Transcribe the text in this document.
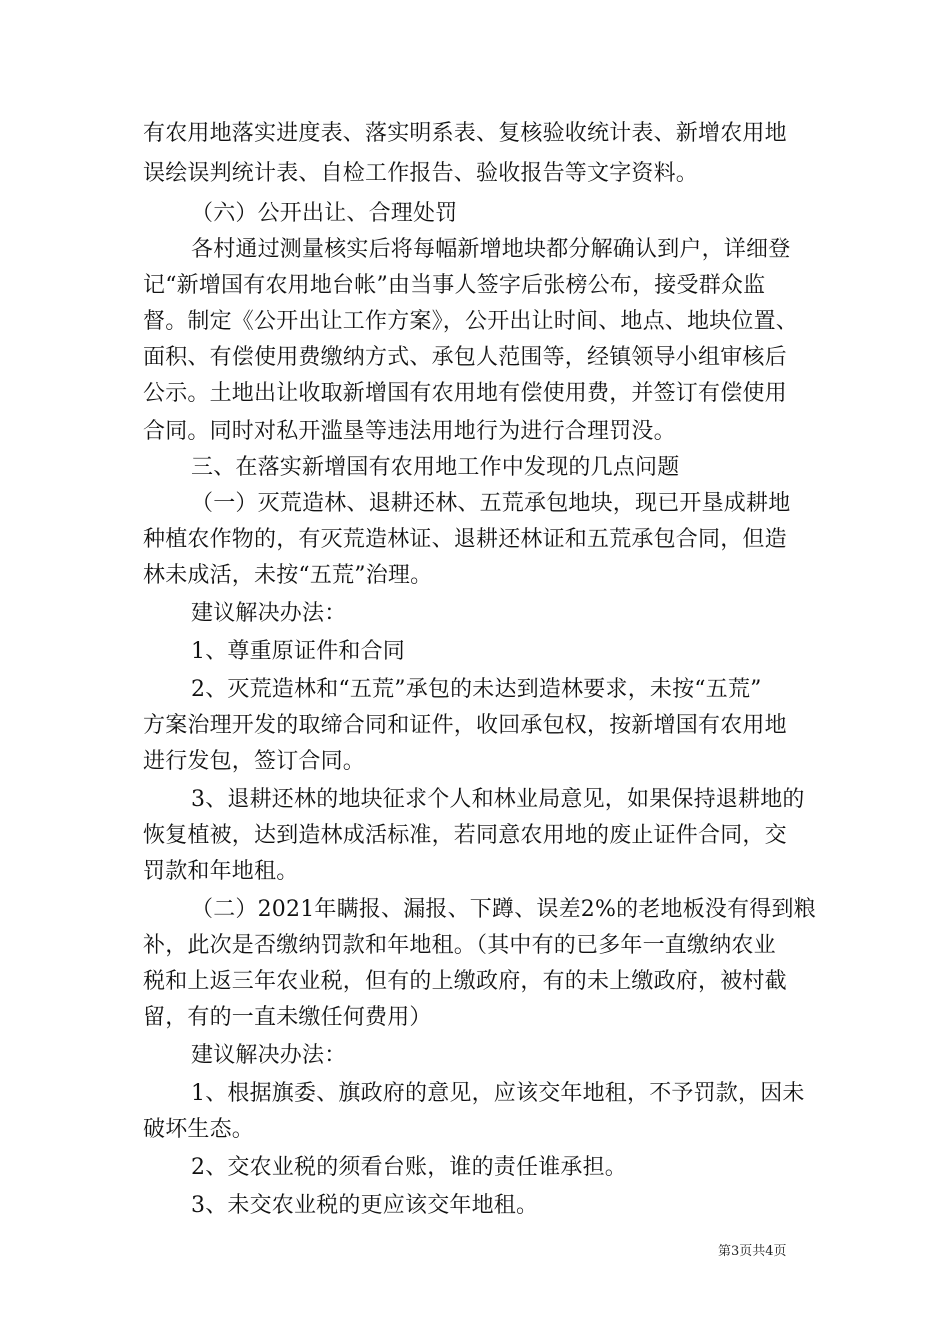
有农用地落实进度表、落实明系表、复核验收统计表、新增农用地
误绘误判统计表、自检工作报告、验收报告等文字资料。
（六）公开出让、合理处罚
各村通过测量核实后将每幅新增地块都分解确认到户，详细登
记“新增国有农用地台帐”由当事人签字后张榜公布，接受群众监
督。制定《公开出让工作方案》，公开出让时间、地点、地块位置、
面积、有偿使用费缴纳方式、承包人范围等，经镇领导小组审核后
公示。土地出让收取新增国有农用地有偿使用费，并签订有偿使用
合同。同时对私开滥垦等违法用地行为进行合理罚没。
三、在落实新增国有农用地工作中发现的几点问题
（一）灭荒造林、退耕还林、五荒承包地块，现已开垦成耕地
种植农作物的，有灭荒造林证、退耕还林证和五荒承包合同，但造
林未成活，未按“五荒”治理。
建议解决办法：
1、尊重原证件和合同
2、灭荒造林和“五荒”承包的未达到造林要求，未按“五荒”
方案治理开发的取缔合同和证件，收回承包权，按新增国有农用地
进行发包，签订合同。
3、退耕还林的地块征求个人和林业局意见，如果保持退耕地的
恢复植被，达到造林成活标准，若同意农用地的废止证件合同，交
罚款和年地租。
（二）2021年瞒报、漏报、下蹲、误差2%的老地板没有得到粮
补，此次是否缴纳罚款和年地租。（其中有的已多年一直缴纳农业
税和上返三年农业税，但有的上缴政府，有的未上缴政府，被村截
留，有的一直未缴任何费用）
建议解决办法：
1、根据旗委、旗政府的意见，应该交年地租，不予罚款，因未
破坏生态。
2、交农业税的须看台账，谁的责任谁承担。
3、未交农业税的更应该交年地租。
第3页共4页
